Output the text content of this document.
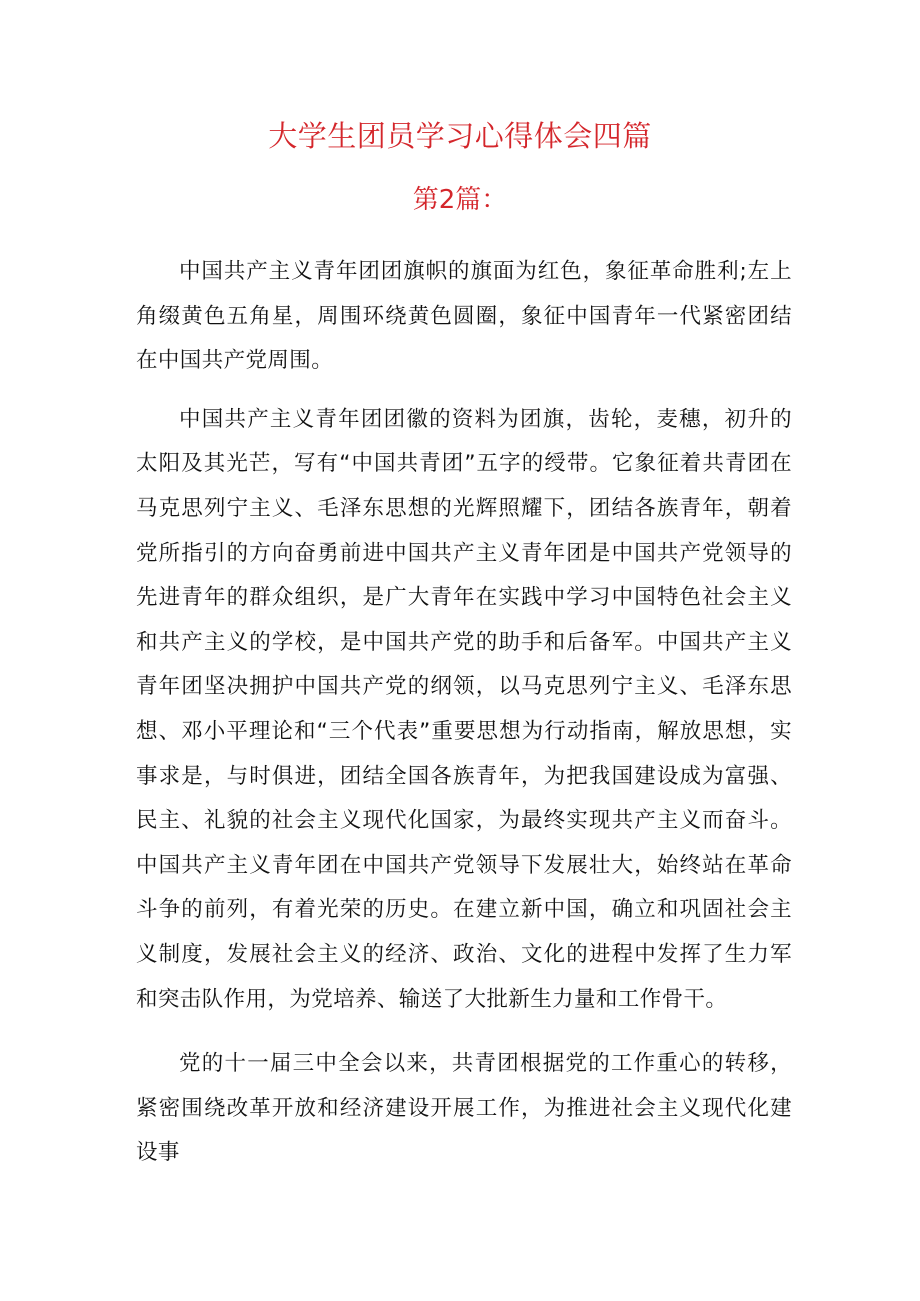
大学生团员学习心得体会四篇
第2篇：

中国共产主义青年团团旗帜的旗面为红色，象征革命胜利;左上角缀黄色五角星，周围环绕黄色圆圈，象征中国青年一代紧密团结在中国共产党周围。

中国共产主义青年团团徽的资料为团旗，齿轮，麦穗，初升的太阳及其光芒，写有“中国共青团”五字的绶带。它象征着共青团在马克思列宁主义、毛泽东思想的光辉照耀下，团结各族青年，朝着党所指引的方向奋勇前进中国共产主义青年团是中国共产党领导的先进青年的群众组织，是广大青年在实践中学习中国特色社会主义和共产主义的学校，是中国共产党的助手和后备军。中国共产主义青年团坚决拥护中国共产党的纲领，以马克思列宁主义、毛泽东思想、邓小平理论和“三个代表”重要思想为行动指南，解放思想，实事求是，与时俱进，团结全国各族青年，为把我国建设成为富强、民主、礼貌的社会主义现代化国家，为最终实现共产主义而奋斗。中国共产主义青年团在中国共产党领导下发展壮大，始终站在革命斗争的前列，有着光荣的历史。在建立新中国，确立和巩固社会主义制度，发展社会主义的经济、政治、文化的进程中发挥了生力军和突击队作用，为党培养、输送了大批新生力量和工作骨干。

党的十一届三中全会以来，共青团根据党的工作重心的转移，紧密围绕改革开放和经济建设开展工作，为推进社会主义现代化建设事
